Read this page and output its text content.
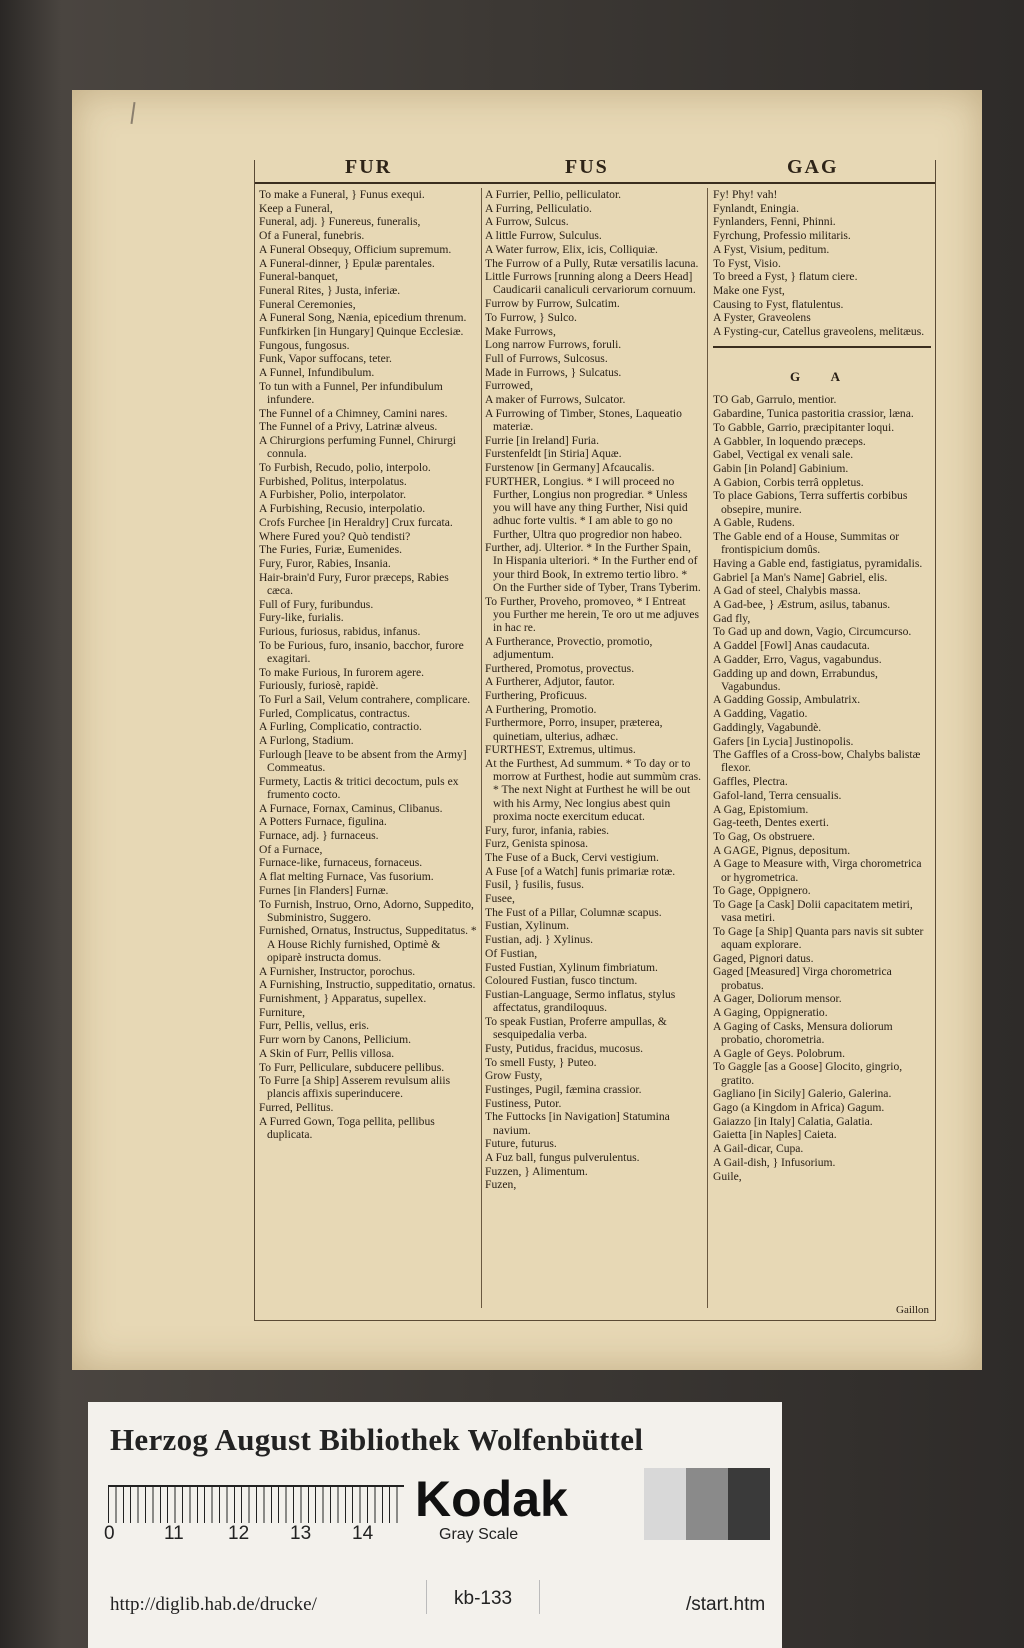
FUR	FUS	GAG
To make a Funeral, } Funus exequi.
Keep a Funeral,
Funeral, adj. } Funereus, funeralis,
Of a Funeral, funebris.
A Funeral Obsequy, Officium supremum.
A Funeral-dinner, } Epulæ parentales.
Funeral-banquet,
Funeral Rites, } Justa, inferiæ.
Funeral Ceremonies,
A Funeral Song, Nænia, epicedium threnum.
Funfkirken [in Hungary] Quinque Ecclesiæ.
Fungous, fungosus.
Funk, Vapor suffocans, teter.
A Funnel, Infundibulum.
To tun with a Funnel, Per infundibulum infundere.
The Funnel of a Chimney, Camini nares.
The Funnel of a Privy, Latrinæ alveus.
A Chirurgions perfuming Funnel, Chirurgi connula.
To Furbish, Recudo, polio, interpolo.
Furbished, Politus, interpolatus.
A Furbisher, Polio, interpolator.
A Furbishing, Recusio, interpolatio.
Crofs Furchee [in Heraldry] Crux furcata.
Where Fured you? Quò tendisti?
The Furies, Furiæ, Eumenides.
Fury, Furor, Rabies, Insania.
Hair-brain'd Fury, Furor præceps, Rabies cæca.
Full of Fury, furibundus.
Fury-like, furialis.
Furious, furiosus, rabidus, infanus.
To be Furious, furo, insanio, bacchor, furore exagitari.
To make Furious, In furorem agere.
Furiously, furiosè, rapidè.
To Furl a Sail, Velum contrahere, complicare.
Furled, Complicatus, contractus.
A Furling, Complicatio, contractio.
A Furlong, Stadium.
Furlough [leave to be absent from the Army] Commeatus.
Furmety, Lactis & tritici decoctum, puls ex frumento cocto.
A Furnace, Fornax, Caminus, Clibanus.
A Potters Furnace, figulina.
Furnace, adj. } furnaceus.
Of a Furnace,
Furnace-like, furnaceus, fornaceus.
A flat melting Furnace, Vas fusorium.
Furnes [in Flanders] Furnæ.
To Furnish, Instruo, Orno, Adorno, Suppedito, Subministro, Suggero.
Furnished, Ornatus, Instructus, Suppeditatus. * A House Richly furnished, Optimè & opiparè instructa domus.
A Furnisher, Instructor, porochus.
A Furnishing, Instructio, suppeditatio, ornatus.
Furnishment, } Apparatus, supellex.
Furniture,
Furr, Pellis, vellus, eris.
Furr worn by Canons, Pellicium.
A Skin of Furr, Pellis villosa.
To Furr, Pelliculare, subducere pellibus.
To Furre [a Ship] Asserem revulsum aliis plancis affixis superinducere.
Furred, Pellitus.
A Furred Gown, Toga pellita, pellibus duplicata.
A Furrier, Pellio, pelliculator.
A Furring, Pelliculatio.
A Furrow, Sulcus.
A little Furrow, Sulculus.
A Water furrow, Elix, icis, Colliquiæ.
The Furrow of a Pully, Rutæ versatilis lacuna.
Little Furrows [running along a Deers Head] Caudicarii canaliculi cervariorum cornuum.
Furrow by Furrow, Sulcatim.
To Furrow, } Sulco.
Make Furrows,
Long narrow Furrows, foruli.
Full of Furrows, Sulcosus.
Made in Furrows, } Sulcatus.
Furrowed,
A maker of Furrows, Sulcator.
A Furrowing of Timber, Stones, Laqueatio materiæ.
Furrie [in Ireland] Furia.
Furstenfeldt [in Stiria] Aquæ.
Furstenow [in Germany] Afcaucalis.
FURTHER, Longius. * I will proceed no Further, Longius non progrediar. * Unless you will have any thing Further, Nisi quid adhuc forte vultis. * I am able to go no Further, Ultra quo progredior non habeo.
Further, adj. Ulterior. * In the Further Spain, In Hispania ulteriori. * In the Further end of your third Book, In extremo tertio libro. * On the Further side of Tyber, Trans Tyberim.
To Further, Proveho, promoveo, * I Entreat you Further me herein, Te oro ut me adjuves in hac re.
A Furtherance, Provectio, promotio, adjumentum.
Furthered, Promotus, provectus.
A Furtherer, Adjutor, fautor.
Furthering, Proficuus.
A Furthering, Promotio.
Furthermore, Porro, insuper, præterea, quinetiam, ulterius, adhæc.
FURTHEST, Extremus, ultimus.
At the Furthest, Ad summum. * To day or to morrow at Furthest, hodie aut summùm cras. * The next Night at Furthest he will be out with his Army, Nec longius abest quin proxima nocte exercitum educat.
Fury, furor, infania, rabies.
Furz, Genista spinosa.
The Fuse of a Buck, Cervi vestigium.
A Fuse [of a Watch] funis primariæ rotæ.
Fusil, } fusilis, fusus.
Fusee,
The Fust of a Pillar, Columnæ scapus.
Fustian, Xylinum.
Fustian, adj. } Xylinus.
Of Fustian,
Fusted Fustian, Xylinum fimbriatum.
Coloured Fustian, fusco tinctum.
Fustian-Language, Sermo inflatus, stylus affectatus, grandiloquus.
To speak Fustian, Proferre ampullas, & sesquipedalia verba.
Fusty, Putidus, fracidus, mucosus.
To smell Fusty, } Puteo.
Grow Fusty,
Fustinges, Pugil, fæmina crassior.
Fustiness, Putor.
The Futtocks [in Navigation] Statumina navium.
Future, futurus.
A Fuz ball, fungus pulverulentus.
Fuzzen, } Alimentum.
Fuzen,
Fy! Phy! vah!
Fynlandt, Eningia.
Fynlanders, Fenni, Phinni.
Fyrchung, Professio militaris.
A Fyst, Visium, peditum.
To Fyst, Visio.
To breed a Fyst, } flatum ciere.
Make one Fyst,
Causing to Fyst, flatulentus.
A Fyster, Graveolens
A Fysting-cur, Catellus graveolens, melitæus.
G A
TO Gab, Garrulo, mentior.
Gabardine, Tunica pastoritia crassior, læna.
To Gabble, Garrio, præcipitanter loqui.
A Gabbler, In loquendo præceps.
Gabel, Vectigal ex venali sale.
Gabin [in Poland] Gabinium.
A Gabion, Corbis terrâ oppletus.
To place Gabions, Terra suffertis corbibus obsepire, munire.
A Gable, Rudens.
The Gable end of a House, Summitas or frontispicium domûs.
Having a Gable end, fastigiatus, pyramidalis.
Gabriel [a Man's Name] Gabriel, elis.
A Gad of steel, Chalybis massa.
A Gad-bee, } Æstrum, asilus, tabanus.
Gad fly,
To Gad up and down, Vagio, Circumcurso.
A Gaddel [Fowl] Anas caudacuta.
A Gadder, Erro, Vagus, vagabundus.
Gadding up and down, Errabundus, Vagabundus.
A Gadding Gossip, Ambulatrix.
A Gadding, Vagatio.
Gaddingly, Vagabundè.
Gafers [in Lycia] Justinopolis.
The Gaffles of a Cross-bow, Chalybs balistæ flexor.
Gaffles, Plectra.
Gafol-land, Terra censualis.
A Gag, Epistomium.
Gag-teeth, Dentes exerti.
To Gag, Os obstruere.
A GAGE, Pignus, depositum.
A Gage to Measure with, Virga chorometrica or hygrometrica.
To Gage, Oppignero.
To Gage [a Cask] Dolii capacitatem metiri, vasa metiri.
To Gage [a Ship] Quanta pars navis sit subter aquam explorare.
Gaged, Pignori datus.
Gaged [Measured] Virga chorometrica probatus.
A Gager, Doliorum mensor.
A Gaging, Oppigneratio.
A Gaging of Casks, Mensura doliorum probatio, chorometria.
A Gagle of Geys. Polobrum.
To Gaggle [as a Goose] Glocito, gingrio, gratito.
Gagliano [in Sicily] Galerio, Galerina.
Gago (a Kingdom in Africa) Gagum.
Gaiazzo [in Italy] Calatia, Galatia.
Gaietta [in Naples] Caieta.
A Gail-dicar, Cupa.
A Gail-dish, } Infusorium.
Guile,
Gaillon
Herzog August Bibliothek Wolfenbüttel
0	11 12 13 14
Kodak
Gray Scale
http://diglib.hab.de/drucke/	kb-133	/start.htm
